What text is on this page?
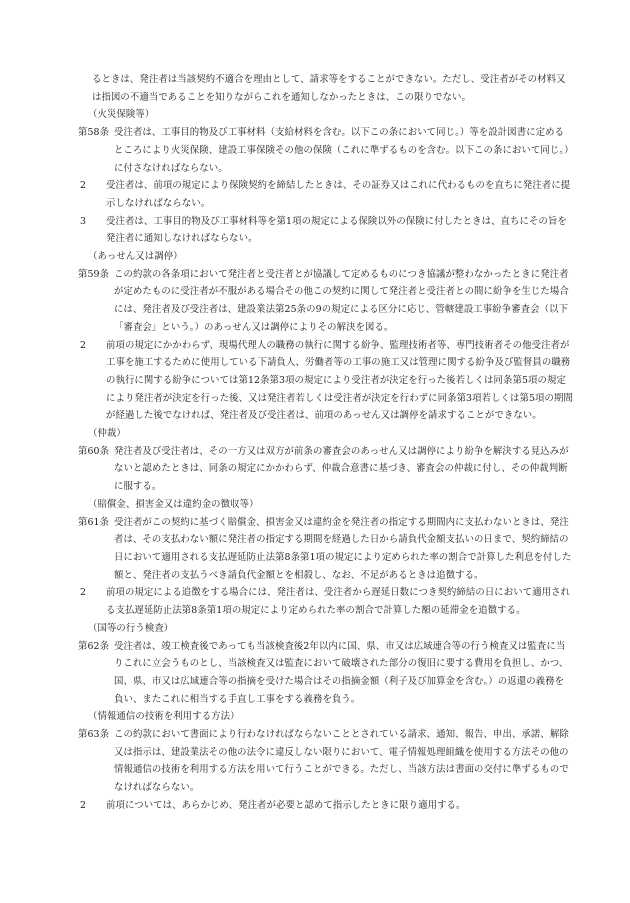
るときは、発注者は当該契約不適合を理由として、請求等をすることができない。ただし、受注者がその材料又は指図の不適当であることを知りながらこれを通知しなかったときは、この限りでない。
（火災保険等）
第58条 受注者は、工事目的物及び工事材料（支給材料を含む。以下この条において同じ。）等を設計図書に定めるところにより火災保険、建設工事保険その他の保険（これに準ずるものを含む。以下この条において同じ。）に付さなければならない。
2 受注者は、前項の規定により保険契約を締結したときは、その証券又はこれに代わるものを直ちに発注者に提示しなければならない。
3 受注者は、工事目的物及び工事材料等を第1項の規定による保険以外の保険に付したときは、直ちにその旨を発注者に通知しなければならない。
（あっせん又は調停）
第59条 この約款の各条項において発注者と受注者とが協議して定めるものにつき協議が整わなかったときに発注者が定めたものに受注者が不服がある場合その他この契約に関して発注者と受注者との間に紛争を生じた場合には、発注者及び受注者は、建設業法第25条の9の規定による区分に応じ、管轄建設工事紛争審査会（以下「審査会」という。）のあっせん又は調停によりその解決を図る。
2 前項の規定にかかわらず、現場代理人の職務の執行に関する紛争、監理技術者等、専門技術者その他受注者が工事を施工するために使用している下請負人、労働者等の工事の施工又は管理に関する紛争及び監督員の職務の執行に関する紛争については第12条第3項の規定により受注者が決定を行った後若しくは同条第5項の規定により発注者が決定を行った後、又は発注者若しくは受注者が決定を行わずに同条第3項若しくは第5項の期間が経過した後でなければ、発注者及び受注者は、前項のあっせん又は調停を請求することができない。
（仲裁）
第60条 発注者及び受注者は、その一方又は双方が前条の審査会のあっせん又は調停により紛争を解決する見込みがないと認めたときは、同条の規定にかかわらず、仲裁合意書に基づき、審査会の仲裁に付し、その仲裁判断に服する。
（賠償金、損害金又は違約金の徴収等）
第61条 受注者がこの契約に基づく賠償金、損害金又は違約金を発注者の指定する期間内に支払わないときは、発注者は、その支払わない額に発注者の指定する期間を経過した日から請負代金額支払いの日まで、契約締結の日において適用される支払遅延防止法第8条第1項の規定により定められた率の割合で計算した利息を付した額と、発注者の支払うべき請負代金額とを相殺し、なお、不足があるときは追徴する。
2 前項の規定による追徴をする場合には、発注者は、受注者から遅延日数につき契約締結の日において適用される支払遅延防止法第8条第1項の規定により定められた率の割合で計算した額の延滞金を追徴する。
（国等の行う検査）
第62条 受注者は、竣工検査後であっても当該検査後2年以内に国、県、市又は広域連合等の行う検査又は監査に当りこれに立会うものとし、当該検査又は監査において破壊された部分の復旧に要する費用を負担し、かつ、国、県、市又は広域連合等の指摘を受けた場合はその指摘金額（利子及び加算金を含む。）の返還の義務を負い、またこれに相当する手直し工事をする義務を負う。
（情報通信の技術を利用する方法）
第63条 この約款において書面により行わなければならないこととされている請求、通知、報告、申出、承諾、解除又は指示は、建設業法その他の法令に違反しない限りにおいて、電子情報処理組織を使用する方法その他の情報通信の技術を利用する方法を用いて行うことができる。ただし、当該方法は書面の交付に準ずるものでなければならない。
2 前項については、あらかじめ、発注者が必要と認めて指示したときに限り適用する。
